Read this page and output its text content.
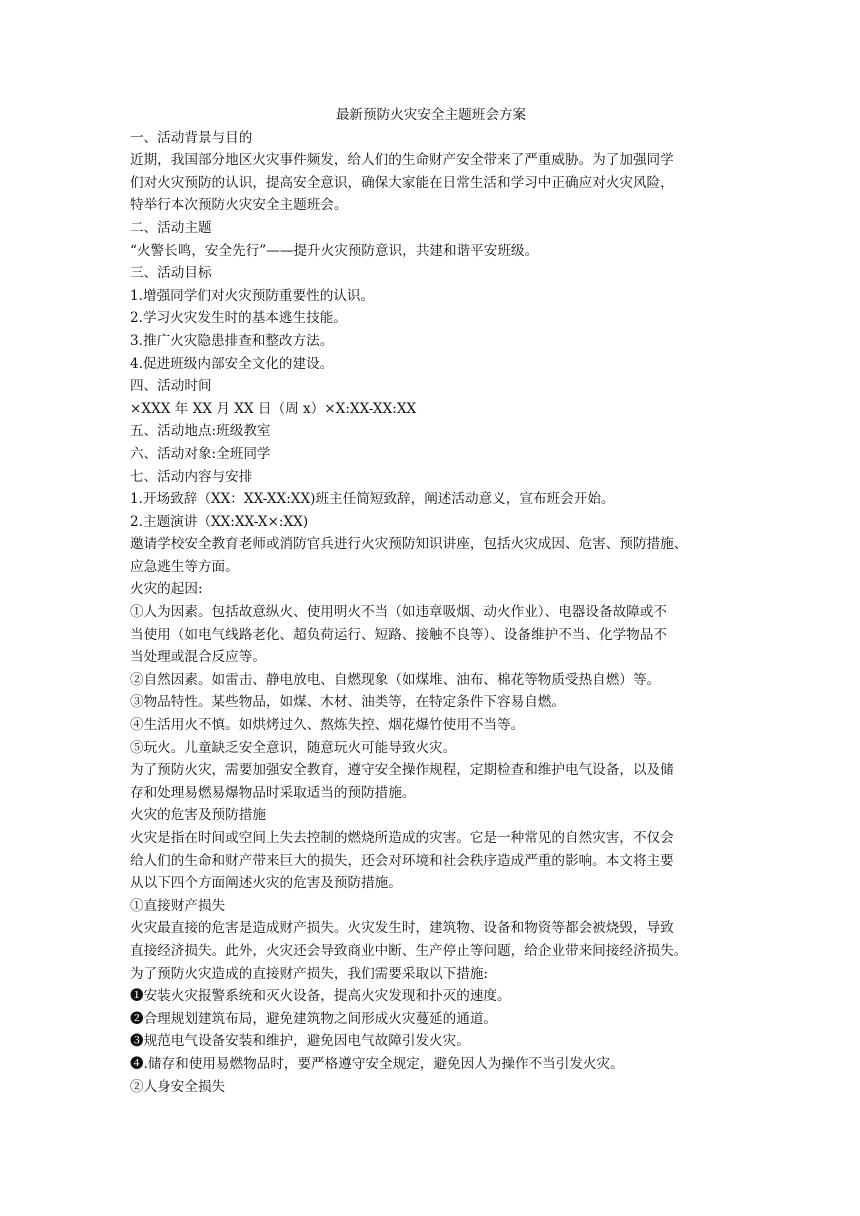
最新预防火灾安全主题班会方案
一、活动背景与目的
近期，我国部分地区火灾事件频发，给人们的生命财产安全带来了严重威胁。为了加强同学
们对火灾预防的认识，提高安全意识，确保大家能在日常生活和学习中正确应对火灾风险，
特举行本次预防火灾安全主题班会。
二、活动主题
“火警长鸣，安全先行”——提升火灾预防意识，共建和谐平安班级。
三、活动目标
1.增强同学们对火灾预防重要性的认识。
2.学习火灾发生时的基本逃生技能。
3.推广火灾隐患排查和整改方法。
4.促进班级内部安全文化的建设。
四、活动时间
×XXX 年 XX 月 XX 日（周 x）×X:XX-XX:XX
五、活动地点:班级教室
六、活动对象:全班同学
七、活动内容与安排
1.开场致辞（XX：XX-XX:XX)班主任简短致辞，阐述活动意义，宣布班会开始。
2.主题演讲（XX:XX-X×:XX)
邀请学校安全教育老师或消防官兵进行火灾预防知识讲座，包括火灾成因、危害、预防措施、
应急逃生等方面。
火灾的起因:
①人为因素。包括故意纵火、使用明火不当（如违章吸烟、动火作业）、电器设备故障或不
当使用（如电气线路老化、超负荷运行、短路、接触不良等）、设备维护不当、化学物品不
当处理或混合反应等。
②自然因素。如雷击、静电放电、自燃现象（如煤堆、油布、棉花等物质受热自燃）等。
③物品特性。某些物品，如煤、木材、油类等，在特定条件下容易自燃。
④生活用火不慎。如烘烤过久、熬炼失控、烟花爆竹使用不当等。
⑤玩火。儿童缺乏安全意识，随意玩火可能导致火灾。
为了预防火灾，需要加强安全教育，遵守安全操作规程，定期检查和维护电气设备，以及储
存和处理易燃易爆物品时采取适当的预防措施。
火灾的危害及预防措施
火灾是指在时间或空间上失去控制的燃烧所造成的灾害。它是一种常见的自然灾害，不仅会
给人们的生命和财产带来巨大的损失，还会对环境和社会秩序造成严重的影响。本文将主要
从以下四个方面阐述火灾的危害及预防措施。
①直接财产损失
火灾最直接的危害是造成财产损失。火灾发生时，建筑物、设备和物资等都会被烧毁，导致
直接经济损失。此外，火灾还会导致商业中断、生产停止等问题，给企业带来间接经济损失。
为了预防火灾造成的直接财产损失，我们需要采取以下措施:
❶安装火灾报警系统和灭火设备，提高火灾发现和扑灭的速度。
❷合理规划建筑布局，避免建筑物之间形成火灾蔓延的通道。
❸规范电气设备安装和维护，避免因电气故障引发火灾。
❹.储存和使用易燃物品时，要严格遵守安全规定，避免因人为操作不当引发火灾。
②人身安全损失
